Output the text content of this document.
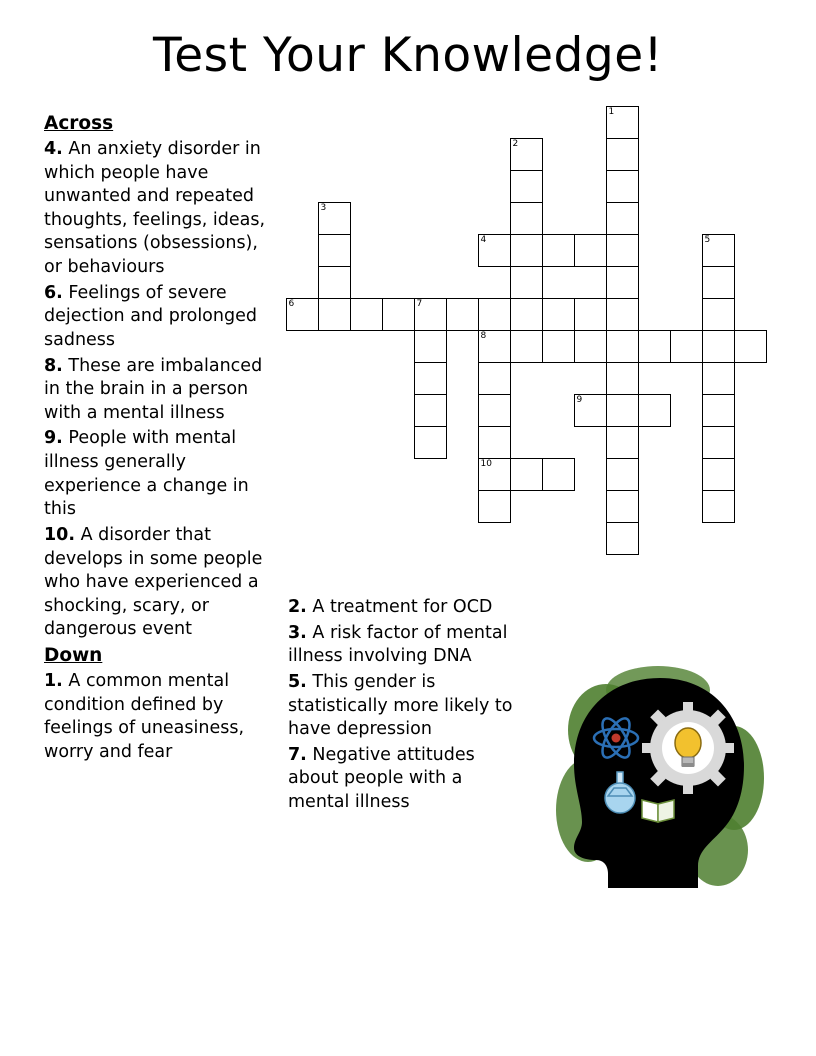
Test Your Knowledge!
Across

4. An anxiety disorder in which people have unwanted and repeated thoughts, feelings, ideas, sensations (obsessions), or behaviours

6. Feelings of severe dejection and prolonged sadness

8. These are imbalanced in the brain in a person with a mental illness

9. People with mental illness generally experience a change in this

10. A disorder that develops in some people who have experienced a shocking, scary, or dangerous event

Down

1. A common mental condition defined by feelings of uneasiness, worry and fear

2. A treatment for OCD

3. A risk factor of mental illness involving DNA

5. This gender is statistically more likely to have depression

7. Negative attitudes about people with a mental illness

1
2
3
4	5
6	7
8
9
10
